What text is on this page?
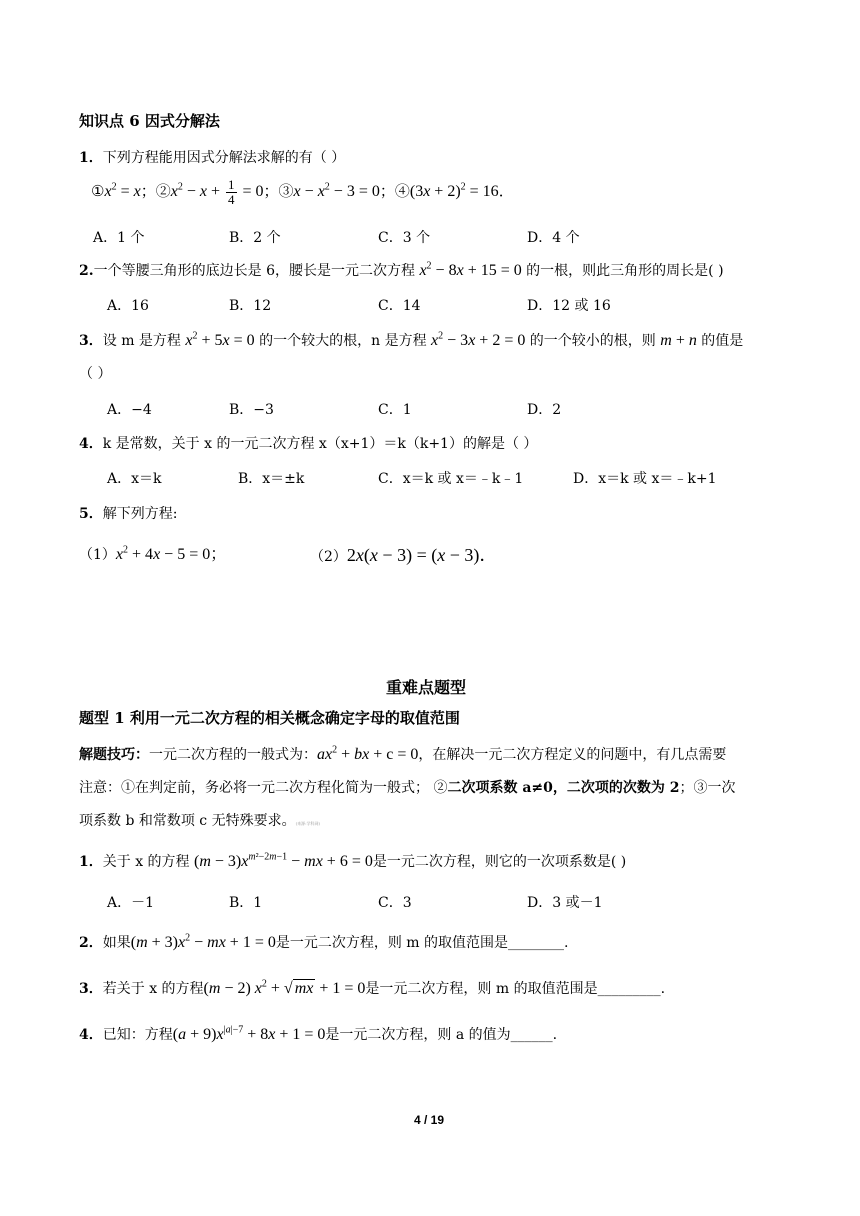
知识点 6 因式分解法
1．下列方程能用因式分解法求解的有（ ）
$①x^2 = x$；$②x^2 - x + \frac{1}{4} = 0$；③x − $x^2 - 3 = 0$；④(3x + 2)$^2$ = 16．
A．1 个	B．2 个	C．3 个	D．4 个
2.一个等腰三角形的底边长是 6，腰长是一元二次方程 $x^2 - 8x + 15 = 0$ 的一根，则此三角形的周长是( )
A．16	B．12	C．14	D．12 或 16
3．设 m 是方程 $x^2 + 5x = 0$ 的一个较大的根，n 是方程 $x^2 - 3x + 2 = 0$ 的一个较小的根，则 m + n 的值是
（ ）
A．−4	B．−3	C．1	D．2
4．k 是常数，关于 x 的一元二次方程 x（x+1）＝k（k+1）的解是（ ）
A．x＝k	B．x＝±k	C．x＝k 或 x＝﹣k﹣1	D．x＝k 或 x＝﹣k+1
5．解下列方程:
$(1)x^2 + 4x - 5 = 0$；	（2）2x(x − 3) = (x − 3)．
重难点题型
题型 1 利用一元二次方程的相关概念确定字母的取值范围
解题技巧：一元二次方程的一般式为：$ax^2$ + bx + c = 0，在解决一元二次方程定义的问题中，有几点需要
注意：①在判定前，务必将一元二次方程化简为一般式； ②二次项系数 a≠0，二次项的次数为 2；③一次
项系数 b 和常数项 c 无特殊要求。(来源:学科网)
1．关于 x 的方程 $(m - 3)x^{m^2-2m-1}$ − mx + 6 = 0是一元二次方程，则它的一次项系数是( )
A．－1	B．1	C．3	D．3 或－1
2．如果$(m + 3)x^2$ − mx + 1 = 0是一元二次方程，则 m 的取值范围是________.
3．若关于 x 的方程(m − 2) $x^2$ + √ mx + 1 = 0是一元二次方程，则 m 的取值范围是_________.
4．已知：方程$(a + 9)x^{|a|-7} + 8x + 1 = 0$是一元二次方程，则 a 的值为______.
4 / 19
